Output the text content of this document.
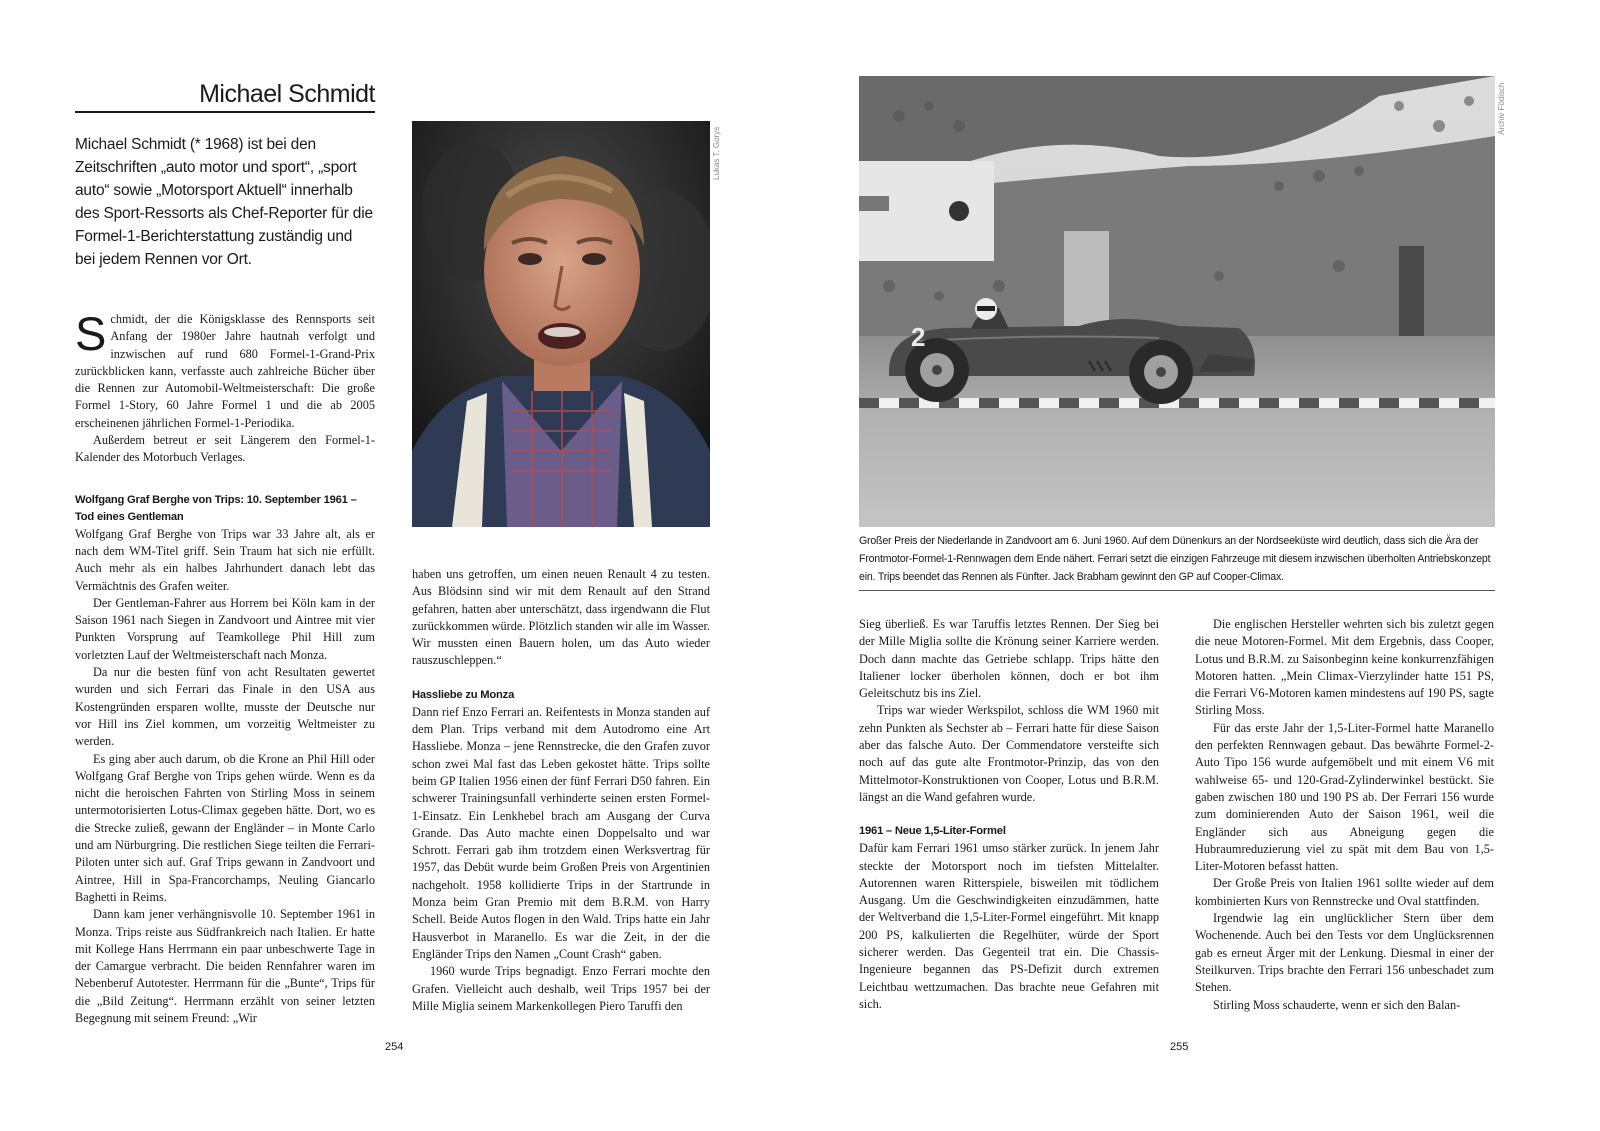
Michael Schmidt
Michael Schmidt (* 1968) ist bei den Zeitschriften „auto motor und sport“, „sport auto“ sowie „Motorsport Aktuell“ innerhalb des Sport-Ressorts als Chef-Reporter für die Formel-1-Berichterstattung zuständig und bei jedem Rennen vor Ort.

Schmidt, der die Königsklasse des Rennsports seit Anfang der 1980er Jahre hautnah verfolgt und inzwischen auf rund 680 Formel-1-Grand-Prix zurückblicken kann, verfasste auch zahlreiche Bücher über die Rennen zur Automobil-Weltmeisterschaft: Die große Formel 1-Story, 60 Jahre Formel 1 und die ab 2005 erscheinenen jährlichen Formel-1-Periodika.

Außerdem betreut er seit Längerem den Formel-1-Kalender des Motorbuch Verlages.

Wolfgang Graf Berghe von Trips: 10. September 1961 – Tod eines Gentleman

Wolfgang Graf Berghe von Trips war 33 Jahre alt, als er nach dem WM-Titel griff. Sein Traum hat sich nie erfüllt. Auch mehr als ein halbes Jahrhundert danach lebt das Vermächtnis des Grafen weiter.

Der Gentleman-Fahrer aus Horrem bei Köln kam in der Saison 1961 nach Siegen in Zandvoort und Aintree mit vier Punkten Vorsprung auf Teamkollege Phil Hill zum vorletzten Lauf der Weltmeisterschaft nach Monza.

Da nur die besten fünf von acht Resultaten gewertet wurden und sich Ferrari das Finale in den USA aus Kostengründen ersparen wollte, musste der Deutsche nur vor Hill ins Ziel kommen, um vorzeitig Weltmeister zu werden.

Es ging aber auch darum, ob die Krone an Phil Hill oder Wolfgang Graf Berghe von Trips gehen würde. Wenn es da nicht die heroischen Fahrten von Stirling Moss in seinem untermotorisierten Lotus-Climax gegeben hätte. Dort, wo es die Strecke zuließ, gewann der Engländer – in Monte Carlo und am Nürburgring. Die restlichen Siege teilten die Ferrari-Piloten unter sich auf. Graf Trips gewann in Zandvoort und Aintree, Hill in Spa-Francorchamps, Neuling Giancarlo Baghetti in Reims.

Dann kam jener verhängnisvolle 10. September 1961 in Monza. Trips reiste aus Südfrankreich nach Italien. Er hatte mit Kollege Hans Herrmann ein paar unbeschwerte Tage in der Camargue verbracht. Die beiden Rennfahrer waren im Nebenberuf Autotester. Herrmann für die „Bunte“, Trips für die „Bild Zeitung“. Herrmann erzählt von seiner letzten Begegnung mit seinem Freund: „Wir

Lukas T. Gorys

haben uns getroffen, um einen neuen Renault 4 zu testen. Aus Blödsinn sind wir mit dem Renault auf den Strand gefahren, hatten aber unterschätzt, dass irgendwann die Flut zurückkommen würde. Plötzlich standen wir alle im Wasser. Wir mussten einen Bauern holen, um das Auto wieder rauszuschleppen.“

Hassliebe zu Monza

Dann rief Enzo Ferrari an. Reifentests in Monza standen auf dem Plan. Trips verband mit dem Autodromo eine Art Hassliebe. Monza – jene Rennstrecke, die den Grafen zuvor schon zwei Mal fast das Leben gekostet hätte. Trips sollte beim GP Italien 1956 einen der fünf Ferrari D50 fahren. Ein schwerer Trainingsunfall verhinderte seinen ersten Formel-1-Einsatz. Ein Lenkhebel brach am Ausgang der Curva Grande. Das Auto machte einen Doppelsalto und war Schrott. Ferrari gab ihm trotzdem einen Werksvertrag für 1957, das Debüt wurde beim Großen Preis von Argentinien nachgeholt. 1958 kollidierte Trips in der Startrunde in Monza beim Gran Premio mit dem B.R.M. von Harry Schell. Beide Autos flogen in den Wald. Trips hatte ein Jahr Hausverbot in Maranello. Es war die Zeit, in der die Engländer Trips den Namen „Count Crash“ gaben.

1960 wurde Trips begnadigt. Enzo Ferrari mochte den Grafen. Vielleicht auch deshalb, weil Trips 1957 bei der Mille Miglia seinem Markenkollegen Piero Taruffi den

254
2
Archiv Födisch
Großer Preis der Niederlande in Zandvoort am 6. Juni 1960. Auf dem Dünenkurs an der Nordseeküste wird deutlich, dass sich die Ära der Frontmotor-Formel-1-Rennwagen dem Ende nähert. Ferrari setzt die einzigen Fahrzeuge mit diesem inzwischen überholten Antriebskonzept ein. Trips beendet das Rennen als Fünfter. Jack Brabham gewinnt den GP auf Cooper-Climax.

Sieg überließ. Es war Taruffis letztes Rennen. Der Sieg bei der Mille Miglia sollte die Krönung seiner Karriere werden. Doch dann machte das Getriebe schlapp. Trips hätte den Italiener locker überholen können, doch er bot ihm Geleitschutz bis ins Ziel.

Trips war wieder Werkspilot, schloss die WM 1960 mit zehn Punkten als Sechster ab – Ferrari hatte für diese Saison aber das falsche Auto. Der Commendatore versteifte sich noch auf das gute alte Frontmotor-Prinzip, das von den Mittelmotor-Konstruktionen von Cooper, Lotus und B.R.M. längst an die Wand gefahren wurde.

1961 – Neue 1,5-Liter-Formel

Dafür kam Ferrari 1961 umso stärker zurück. In jenem Jahr steckte der Motorsport noch im tiefsten Mittelalter. Autorennen waren Ritterspiele, bisweilen mit tödlichem Ausgang. Um die Geschwindigkeiten einzudämmen, hatte der Weltverband die 1,5-Liter-Formel eingeführt. Mit knapp 200 PS, kalkulierten die Regelhüter, würde der Sport sicherer werden. Das Gegenteil trat ein. Die Chassis-Ingenieure begannen das PS-Defizit durch extremen Leichtbau wettzumachen. Das brachte neue Gefahren mit sich.

Die englischen Hersteller wehrten sich bis zuletzt gegen die neue Motoren-Formel. Mit dem Ergebnis, dass Cooper, Lotus und B.R.M. zu Saisonbeginn keine konkurrenzfähigen Motoren hatten. „Mein Climax-Vierzylinder hatte 151 PS, die Ferrari V6-Motoren kamen mindestens auf 190 PS, sagte Stirling Moss.

Für das erste Jahr der 1,5-Liter-Formel hatte Maranello den perfekten Rennwagen gebaut. Das bewährte Formel-2-Auto Tipo 156 wurde aufgemöbelt und mit einem V6 mit wahlweise 65- und 120-Grad-Zylinderwinkel bestückt. Sie gaben zwischen 180 und 190 PS ab. Der Ferrari 156 wurde zum dominierenden Auto der Saison 1961, weil die Engländer sich aus Abneigung gegen die Hubraumreduzierung viel zu spät mit dem Bau von 1,5-Liter-Motoren befasst hatten.

Der Große Preis von Italien 1961 sollte wieder auf dem kombinierten Kurs von Rennstrecke und Oval stattfinden.

Irgendwie lag ein unglücklicher Stern über dem Wochenende. Auch bei den Tests vor dem Unglücksrennen gab es erneut Ärger mit der Lenkung. Diesmal in einer der Steilkurven. Trips brachte den Ferrari 156 unbeschadet zum Stehen.

Stirling Moss schauderte, wenn er sich den Balan-

255
